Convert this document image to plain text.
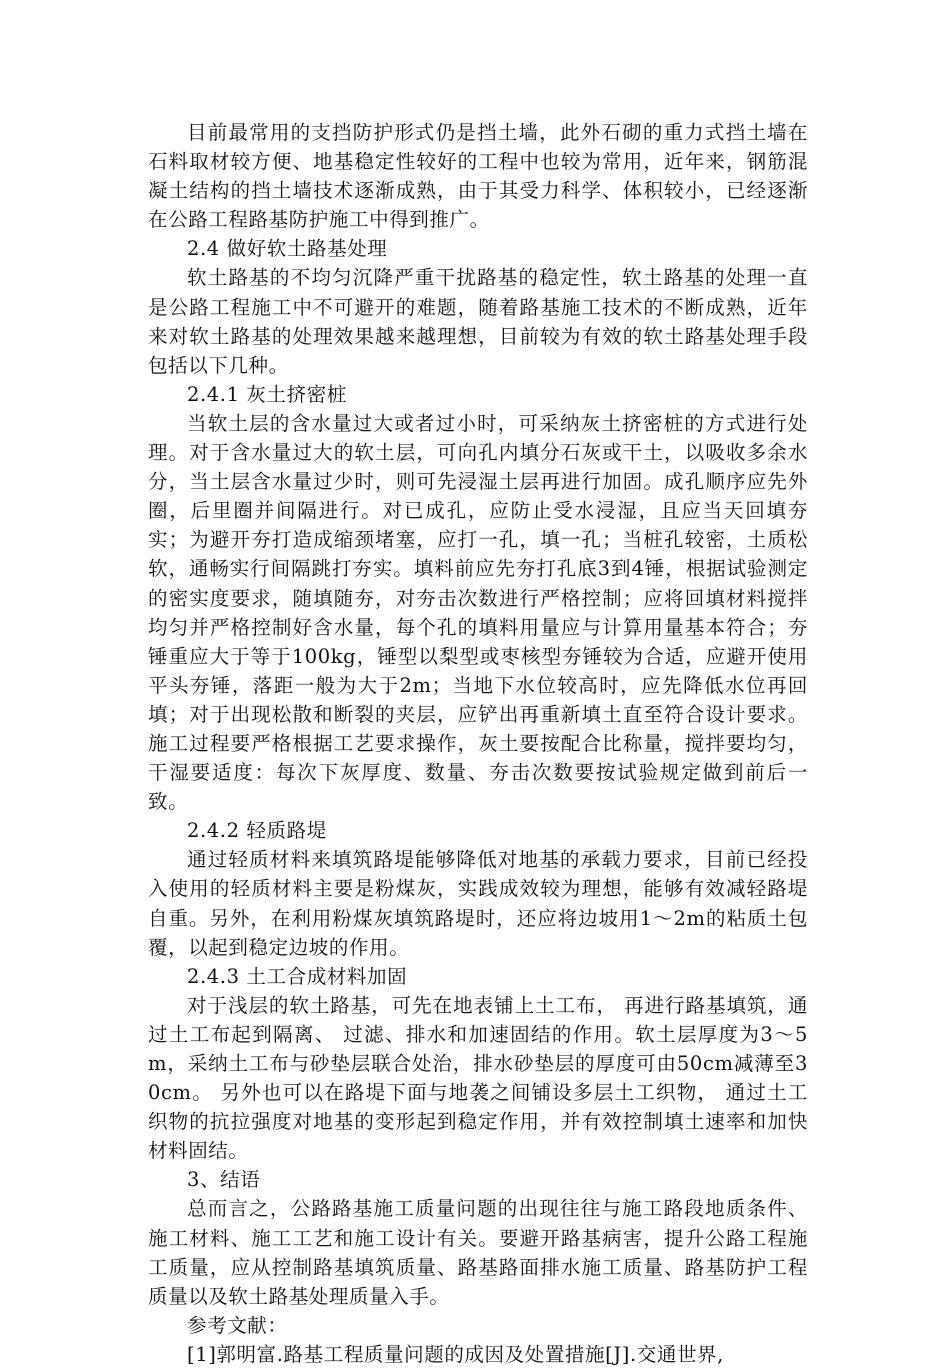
目前最常用的支挡防护形式仍是挡土墙，此外石砌的重力式挡土墙在石料取材较方便、地基稳定性较好的工程中也较为常用，近年来，钢筋混凝土结构的挡土墙技术逐渐成熟，由于其受力科学、体积较小，已经逐渐在公路工程路基防护施工中得到推广。

2.4 做好软土路基处理

软土路基的不均匀沉降严重干扰路基的稳定性，软土路基的处理一直是公路工程施工中不可避开的难题，随着路基施工技术的不断成熟，近年来对软土路基的处理效果越来越理想，目前较为有效的软土路基处理手段包括以下几种。

2.4.1 灰土挤密桩

当软土层的含水量过大或者过小时，可采纳灰土挤密桩的方式进行处理。对于含水量过大的软土层，可向孔内填分石灰或干土，以吸收多余水分，当土层含水量过少时，则可先浸湿土层再进行加固。成孔顺序应先外圈，后里圈并间隔进行。对已成孔，应防止受水浸湿，且应当天回填夯实；为避开夯打造成缩颈堵塞，应打一孔，填一孔；当桩孔较密，土质松软，通畅实行间隔跳打夯实。填料前应先夯打孔底3到4锤，根据试验测定的密实度要求，随填随夯，对夯击次数进行严格控制；应将回填材料搅拌均匀并严格控制好含水量，每个孔的填料用量应与计算用量基本符合；夯锤重应大于等于100kg，锤型以梨型或枣核型夯锤较为合适，应避开使用平头夯锤，落距一般为大于2m；当地下水位较高时，应先降低水位再回填；对于出现松散和断裂的夹层，应铲出再重新填土直至符合设计要求。施工过程要严格根据工艺要求操作，灰土要按配合比称量，搅拌要均匀，干湿要适度：每次下灰厚度、数量、夯击次数要按试验规定做到前后一致。

2.4.2 轻质路堤

通过轻质材料来填筑路堤能够降低对地基的承载力要求，目前已经投入使用的轻质材料主要是粉煤灰，实践成效较为理想，能够有效减轻路堤自重。另外，在利用粉煤灰填筑路堤时，还应将边坡用1～2m的粘质土包覆，以起到稳定边坡的作用。

2.4.3 土工合成材料加固

对于浅层的软土路基，可先在地表铺上土工布， 再进行路基填筑，通过土工布起到隔离、 过滤、排水和加速固结的作用。软土层厚度为3～5m，采纳土工布与砂垫层联合处治，排水砂垫层的厚度可由50cm减薄至30cm。 另外也可以在路堤下面与地袭之间铺设多层土工织物， 通过土工织物的抗拉强度对地基的变形起到稳定作用，并有效控制填土速率和加快材料固结。

3、结语

总而言之，公路路基施工质量问题的出现往往与施工路段地质条件、施工材料、施工工艺和施工设计有关。要避开路基病害，提升公路工程施工质量，应从控制路基填筑质量、路基路面排水施工质量、路基防护工程质量以及软土路基处理质量入手。

参考文献：

[1]郭明富.路基工程质量问题的成因及处置措施[J].交通世界,
